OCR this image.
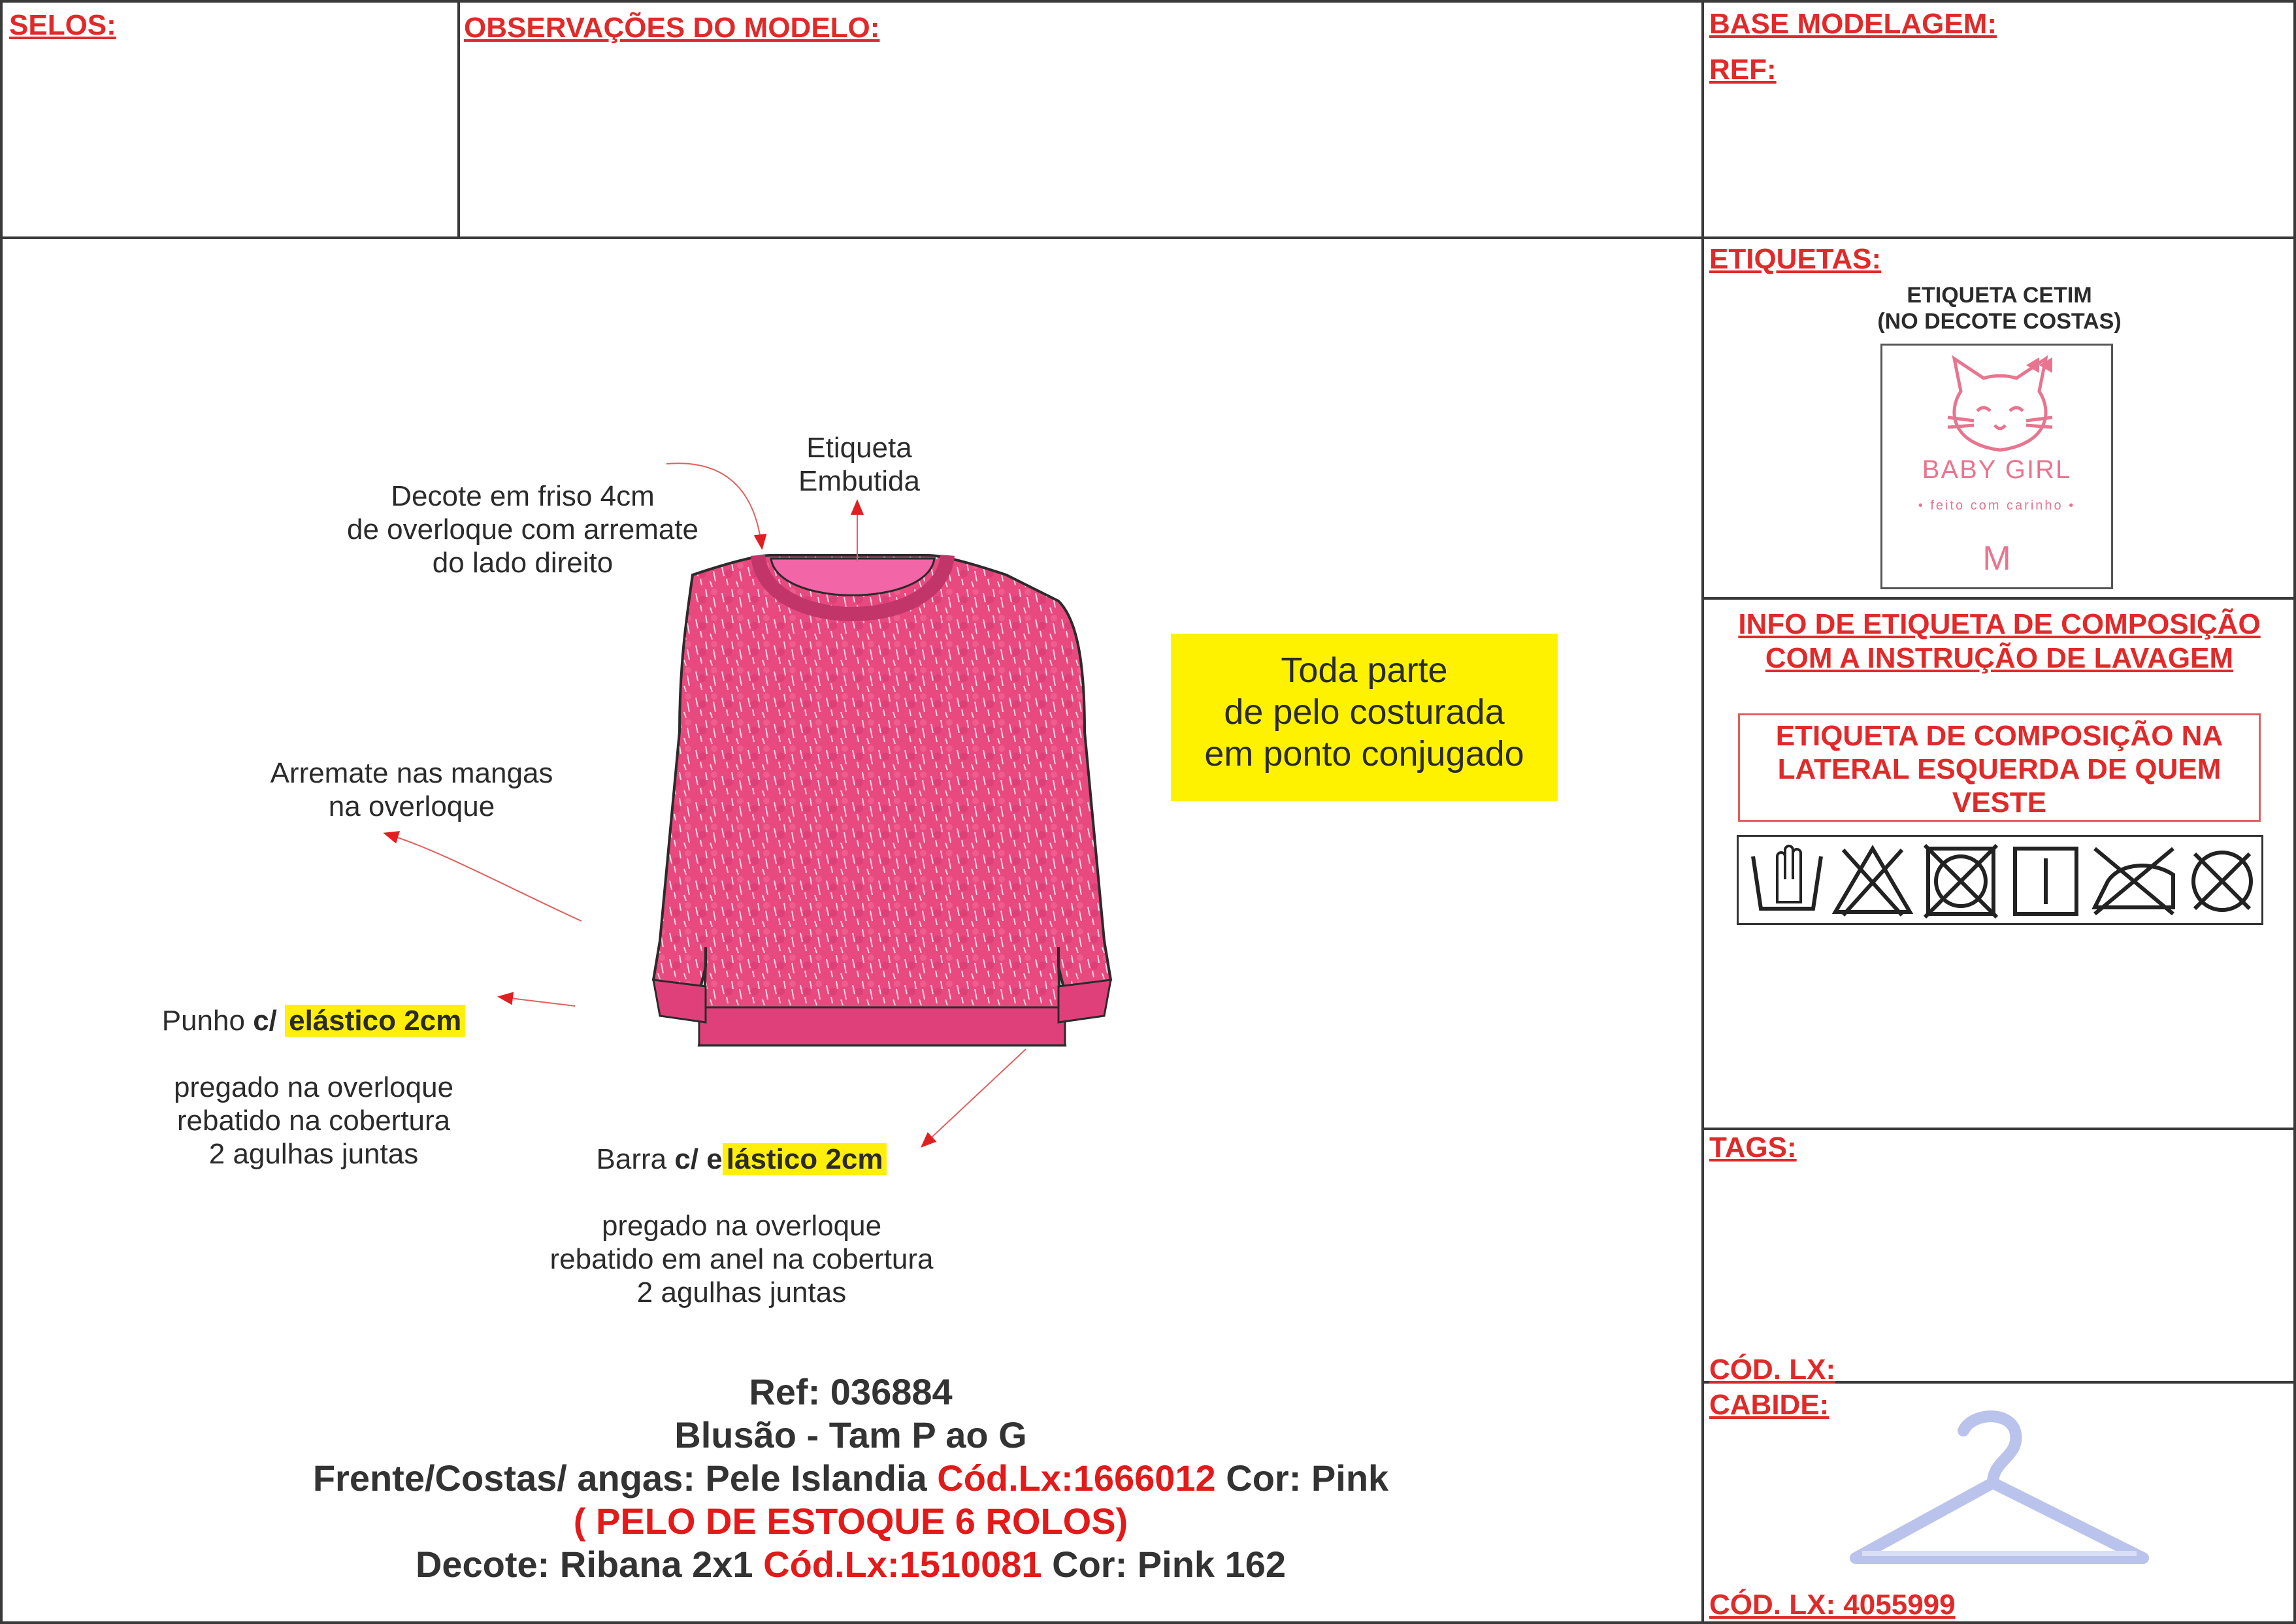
SELOS:	OBSERVAÇÕES DO MODELO:	BASE MODELAGEM:
REF:
ETIQUETAS:
TAGS:
CÓD. LX:
CABIDE:
CÓD. LX: 4055999
Etiqueta
Embutida
Decote em friso 4cm
de overloque com arremate
do lado direito
Arremate nas mangas
na overloque

Punho c/ elástico 2cm

pregado na overloque
rebatido na cobertura
2 agulhas juntas	Barra c/ e lástico 2cm

pregado na overloque
rebatido em anel na cobertura
2 agulhas juntas

Toda parte
de pelo costurada
em ponto conjugado
Ref: 036884
Blusão - Tam P ao G
Frente/Costas/ angas: Pele Islandia Cód.Lx:1666012 Cor: Pink
( PELO DE ESTOQUE 6 ROLOS)
Decote: Ribana 2x1 Cód.Lx:1510081 Cor: Pink 162
ETIQUETA CETIM
(NO DECOTE COSTAS)
BABY GIRL
• feito com carinho •
M
INFO DE ETIQUETA DE COMPOSIÇÃO
COM A INSTRUÇÃO DE LAVAGEM
ETIQUETA DE COMPOSIÇÃO NA
LATERAL ESQUERDA DE QUEM
VESTE
